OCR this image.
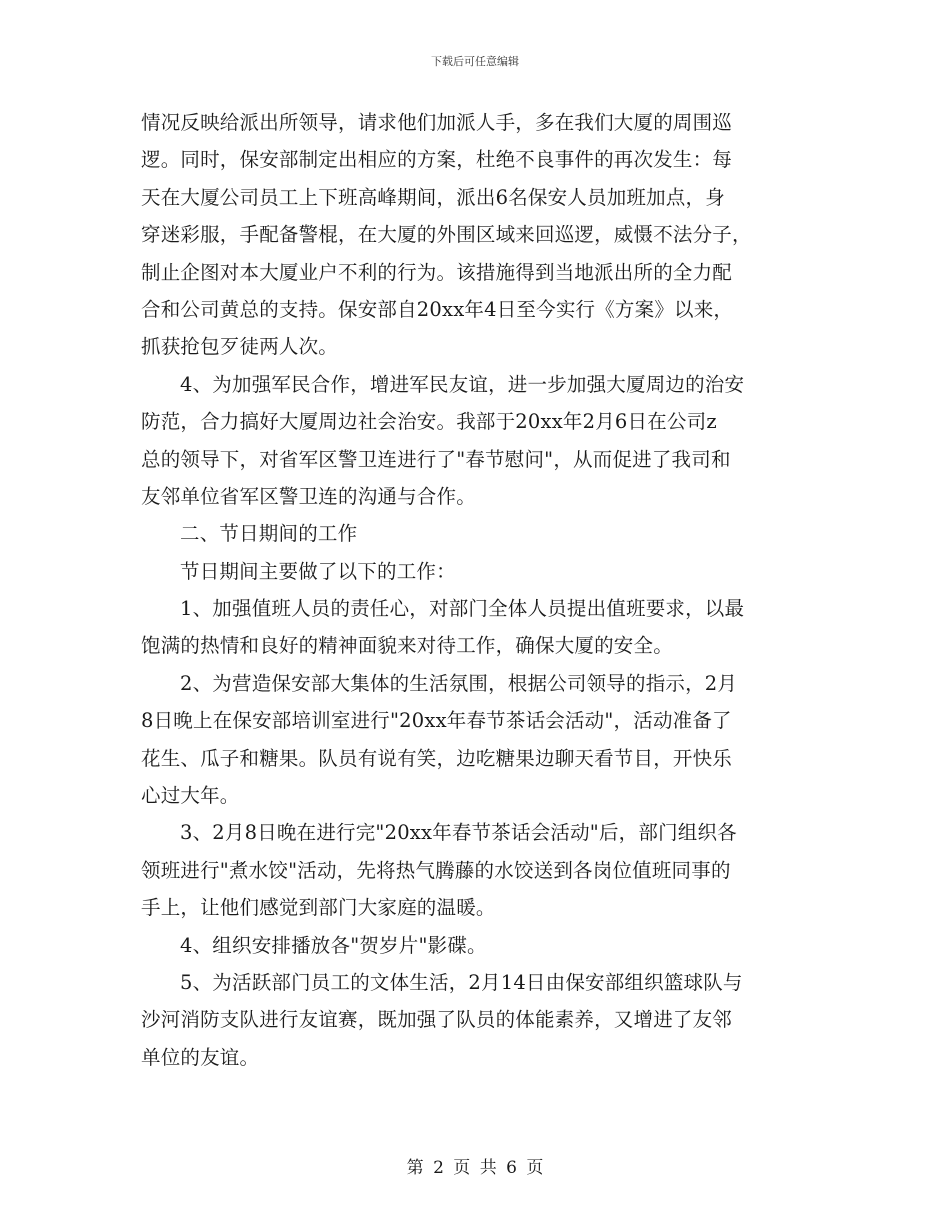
下载后可任意编辑
情况反映给派出所领导，请求他们加派人手，多在我们大厦的周围巡
逻。同时，保安部制定出相应的方案，杜绝不良事件的再次发生：每
天在大厦公司员工上下班高峰期间，派出6名保安人员加班加点，身
穿迷彩服，手配备警棍，在大厦的外围区域来回巡逻，威慑不法分子，
制止企图对本大厦业户不利的行为。该措施得到当地派出所的全力配
合和公司黄总的支持。保安部自20xx年4日至今实行《方案》以来，
抓获抢包歹徒两人次。
4、为加强军民合作，增进军民友谊，进一步加强大厦周边的治安
防范，合力搞好大厦周边社会治安。我部于20xx年2月6日在公司z
总的领导下，对省军区警卫连进行了"春节慰问"，从而促进了我司和
友邻单位省军区警卫连的沟通与合作。
二、节日期间的工作
节日期间主要做了以下的工作：
1、加强值班人员的责任心，对部门全体人员提出值班要求，以最
饱满的热情和良好的精神面貌来对待工作，确保大厦的安全。
2、为营造保安部大集体的生活氛围，根据公司领导的指示，2月
8日晚上在保安部培训室进行"20xx年春节茶话会活动"，活动准备了
花生、瓜子和糖果。队员有说有笑，边吃糖果边聊天看节目，开快乐
心过大年。
3、2月8日晚在进行完"20xx年春节茶话会活动"后，部门组织各
领班进行"煮水饺"活动，先将热气腾藤的水饺送到各岗位值班同事的
手上，让他们感觉到部门大家庭的温暖。
4、组织安排播放各"贺岁片"影碟。
5、为活跃部门员工的文体生活，2月14日由保安部组织篮球队与
沙河消防支队进行友谊赛，既加强了队员的体能素养，又增进了友邻
单位的友谊。
第 2 页 共 6 页
